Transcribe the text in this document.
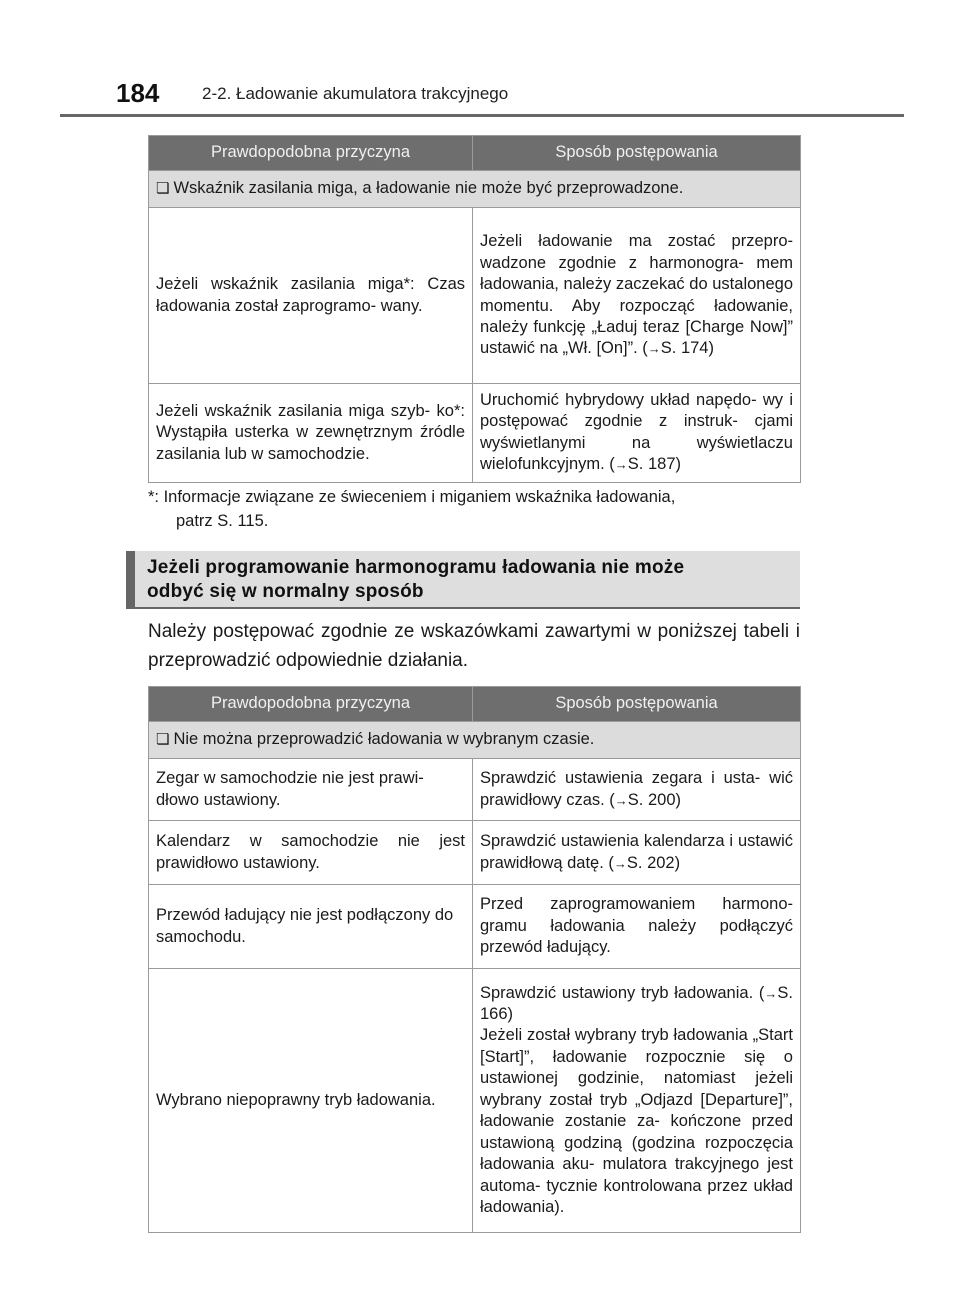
184	2-2. Ładowanie akumulatora trakcyjnego
Prawdopodobna przyczyna	Sposób postępowania
❏ Wskaźnik zasilania miga, a ładowanie nie może być przeprowadzone.	
Jeżeli wskaźnik zasilania miga*: Czas ładowania został zaprogramo- wany.	Jeżeli ładowanie ma zostać przepro- wadzone zgodnie z harmonogra- mem ładowania, należy zaczekać do ustalonego momentu. Aby rozpocząć ładowanie, należy funkcję „Ładuj teraz [Charge Now]” ustawić na „Wł. [On]”. (→S. 174)
Jeżeli wskaźnik zasilania miga szyb- ko*: Wystąpiła usterka w zewnętrznym źródle zasilania lub w samochodzie.	Uruchomić hybrydowy układ napędo- wy i postępować zgodnie z instruk- cjami wyświetlanymi na wyświetlaczu wielofunkcyjnym. (→S. 187)
*: Informacje związane ze świeceniem i miganiem wskaźnika ładowania,
patrz S. 115.
Jeżeli programowanie harmonogramu ładowania nie może
odbyć się w normalny sposób
Należy postępować zgodnie ze wskazówkami zawartymi w poniższej tabeli i przeprowadzić odpowiednie działania.
Prawdopodobna przyczyna	Sposób postępowania
❏ Nie można przeprowadzić ładowania w wybranym czasie.	
Zegar w samochodzie nie jest prawi- dłowo ustawiony.	Sprawdzić ustawienia zegara i usta- wić prawidłowy czas. (→S. 200)
Kalendarz w samochodzie nie jest prawidłowo ustawiony.	Sprawdzić ustawienia kalendarza i ustawić prawidłową datę. (→S. 202)
Przewód ładujący nie jest podłączony do samochodu.	Przed zaprogramowaniem harmono- gramu ładowania należy podłączyć przewód ładujący.
Wybrano niepoprawny tryb ładowania.	Sprawdzić ustawiony tryb ładowania. (→S. 166)
Jeżeli został wybrany tryb ładowania „Start [Start]”, ładowanie rozpocznie się o ustawionej godzinie, natomiast jeżeli wybrany został tryb „Odjazd [Departure]”, ładowanie zostanie za- kończone przed ustawioną godziną (godzina rozpoczęcia ładowania aku- mulatora trakcyjnego jest automa- tycznie kontrolowana przez układ ładowania).
